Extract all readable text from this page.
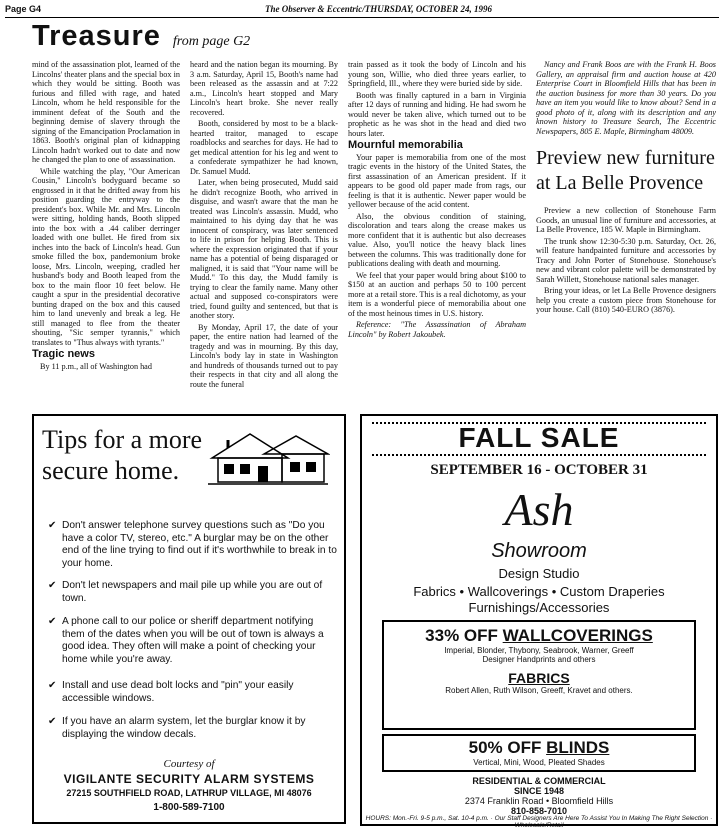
Page G4	The Observer & Eccentric/THURSDAY, OCTOBER 24, 1996
Treasure from page G2

mind of the assassination plot, learned of the Lincolns' theater plans and the special box in which they would be sitting. Booth was furious and filled with rage, and hated Lincoln, whom he held responsible for the imminent defeat of the South and the beginning demise of slavery through the signing of the Emancipation Proclamation in 1863. Booth's original plan of kidnapping Lincoln hadn't worked out to date and now he changed the plan to one of assassination.

While watching the play, "Our American Cousin," Lincoln's bodyguard became so engrossed in it that he drifted away from his position guarding the entryway to the president's box. While Mr. and Mrs. Lincoln were sitting, holding hands, Booth slipped into the box with a .44 caliber derringer loaded with one bullet. He fired from six inches into the back of Lincoln's head. Gun smoke filled the box, pandemonium broke loose, Mrs. Lincoln, weeping, cradled her husband's body and Booth leaped from the box to the main floor 10 feet below. He caught a spur in the presidential decorative bunting draped on the box and this caused him to land unevenly and break a leg. He still managed to flee from the theater shouting, "Sic semper tyrannis," which translates to "Thus always with tyrants."

Tragic news

By 11 p.m., all of Washington had

heard and the nation began its mourning. By 3 a.m. Saturday, April 15, Booth's name had been released as the assassin and at 7:22 a.m., Lincoln's heart stopped and Mary Lincoln's heart broke. She never really recovered.

Booth, considered by most to be a black-hearted traitor, managed to escape roadblocks and searches for days. He had to get medical attention for his leg and went to a confederate sympathizer he had known, Dr. Samuel Mudd.

Later, when being prosecuted, Mudd said he didn't recognize Booth, who arrived in disguise, and wasn't aware that the man he treated was Lincoln's assassin. Mudd, who maintained to his dying day that he was innocent of conspiracy, was later sentenced to life in prison for helping Booth. This is where the expression originated that if your name has a potential of being disparaged or maligned, it is said that "Your name will be Mudd." To this day, the Mudd family is trying to clear the family name. Many other actual and supposed co-conspirators were tried, found guilty and sentenced, but that is another story.

By Monday, April 17, the date of your paper, the entire nation had learned of the tragedy and was in mourning. By this day, Lincoln's body lay in state in Washington and hundreds of thousands turned out to pay their respects in that city and all along the route the funeral

train passed as it took the body of Lincoln and his young son, Willie, who died three years earlier, to Springfield, Ill., where they were buried side by side.

Booth was finally captured in a barn in Virginia after 12 days of running and hiding. He had sworn he would never be taken alive, which turned out to be prophetic as he was shot in the head and died two hours later.

Mournful memorabilia

Your paper is memorabilia from one of the most tragic events in the history of the United States, the first assassination of an American president. If it appears to be good old paper made from rags, our feeling is that it is authentic. Newer paper would be yellower because of the acid content.

Also, the obvious condition of staining, discoloration and tears along the crease makes us more confident that it is authentic but also decreases value. Also, you'll notice the heavy black lines between the columns. This was traditionally done for publications dealing with death and mourning.

We feel that your paper would bring about $100 to $150 at an auction and perhaps 50 to 100 percent more at a retail store. This is a real dichotomy, as your item is a wonderful piece of memorabilia about one of the most heinous times in U.S. history.

Reference: "The Assassination of Abraham Lincoln" by Robert Jakoubek.

Nancy and Frank Boos are with the Frank H. Boos Gallery, an appraisal firm and auction house at 420 Enterprise Court in Bloomfield Hills that has been in the auction business for more than 30 years. Do you have an item you would like to know about? Send in a good photo of it, along with its description and any known history to Treasure Search, The Eccentric Newspapers, 805 E. Maple, Birmingham 48009.

Preview new furniture at La Belle Provence

Preview a new collection of Stonehouse Farm Goods, an unusual line of furniture and accessories, at La Belle Provence, 185 W. Maple in Birmingham.

The trunk show 12:30-5:30 p.m. Saturday, Oct. 26, will feature handpainted furniture and accessories by Tracy and John Porter of Stonehouse. Stonehouse's new and vibrant color palette will be demonstrated by Sarah Willett, Stonehouse national sales manager.

Bring your ideas, or let La Belle Provence designers help you create a custom piece from Stonehouse for your house. Call (810) 540-EURO (3876).

Tips for a more
secure home.
✔ Don't answer telephone survey questions such as "Do you have a color TV, stereo, etc." A burglar may be on the other end of the line trying to find out if it's worthwhile to break in to your home.
✔ Don't let newspapers and mail pile up while you are out of town.
✔ A phone call to our police or sheriff department notifying them of the dates when you will be out of town is always a good idea. They often will make a point of checking your home while you're away.
✔ Install and use dead bolt locks and "pin" your easily accessible windows.
✔ If you have an alarm system, let the burglar know it by displaying the window decals.
Courtesy of
VIGILANTE SECURITY ALARM SYSTEMS
27215 SOUTHFIELD ROAD, LATHRUP VILLAGE, MI 48076
1-800-589-7100
FALL SALE
SEPTEMBER 16 - OCTOBER 31
Ash
Showroom
Design Studio
Fabrics • Wallcoverings • Custom Draperies
Furnishings/Accessories
33% OFF WALLCOVERINGS
Imperial, Blonder, Thybony, Seabrook, Warner, Greeff
Designer Handprints and others
FABRICS
Robert Allen, Ruth Wilson, Greeff, Kravet and others.
50% OFF BLINDS
Vertical, Mini, Wood, Pleated Shades
RESIDENTIAL & COMMERCIAL
SINCE 1948
2374 Franklin Road • Bloomfield Hills
810-858-7010
HOURS: Mon.-Fri. 9-5 p.m., Sat. 10-4 p.m. · Our Staff Designers Are Here To Assist You In Making The Right Selection · Wholesale/Retail
